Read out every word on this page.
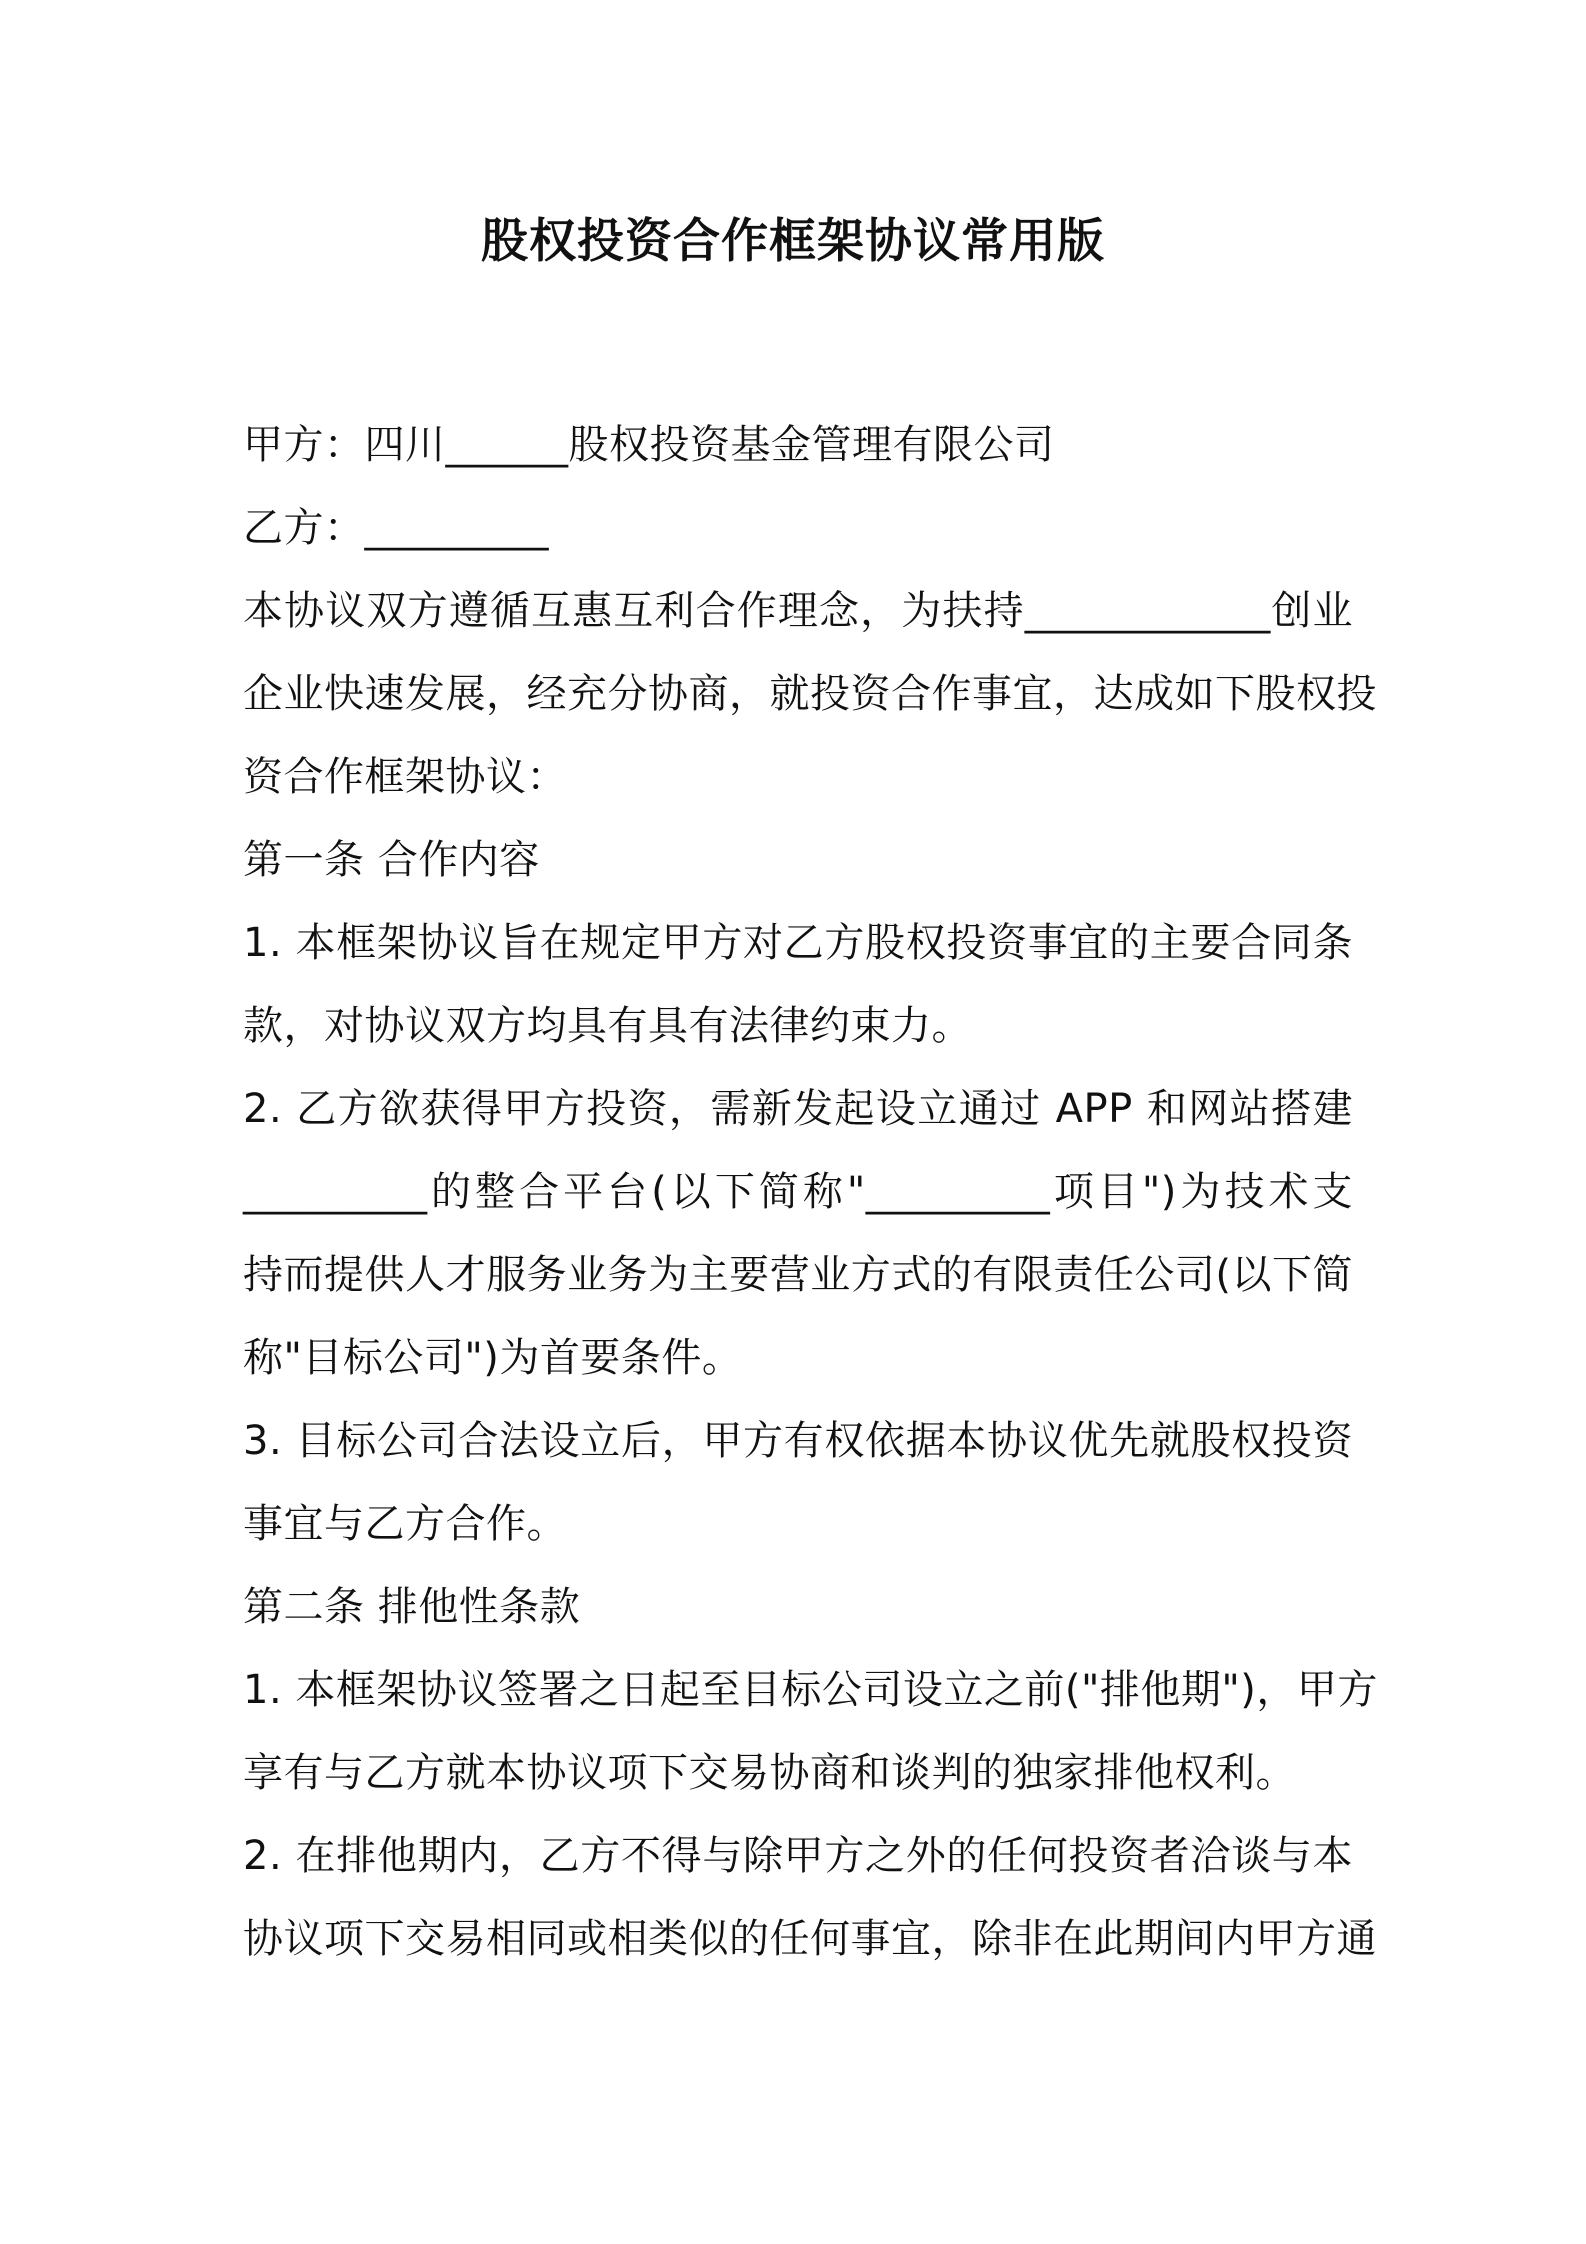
股权投资合作框架协议常用版
甲方：四川______股权投资基金管理有限公司
乙方：_________
本协议双方遵循互惠互利合作理念，为扶持____________创业
企业快速发展，经充分协商，就投资合作事宜，达成如下股权投
资合作框架协议：
第一条 合作内容
1. 本框架协议旨在规定甲方对乙方股权投资事宜的主要合同条
款，对协议双方均具有具有法律约束力。
2. 乙方欲获得甲方投资，需新发起设立通过 APP 和网站搭建
_________的整合平台(以下简称"_________项目")为技术支
持而提供人才服务业务为主要营业方式的有限责任公司(以下简
称"目标公司")为首要条件。
3. 目标公司合法设立后，甲方有权依据本协议优先就股权投资
事宜与乙方合作。
第二条 排他性条款
1. 本框架协议签署之日起至目标公司设立之前("排他期")，甲方
享有与乙方就本协议项下交易协商和谈判的独家排他权利。
2. 在排他期内，乙方不得与除甲方之外的任何投资者洽谈与本
协议项下交易相同或相类似的任何事宜，除非在此期间内甲方通
